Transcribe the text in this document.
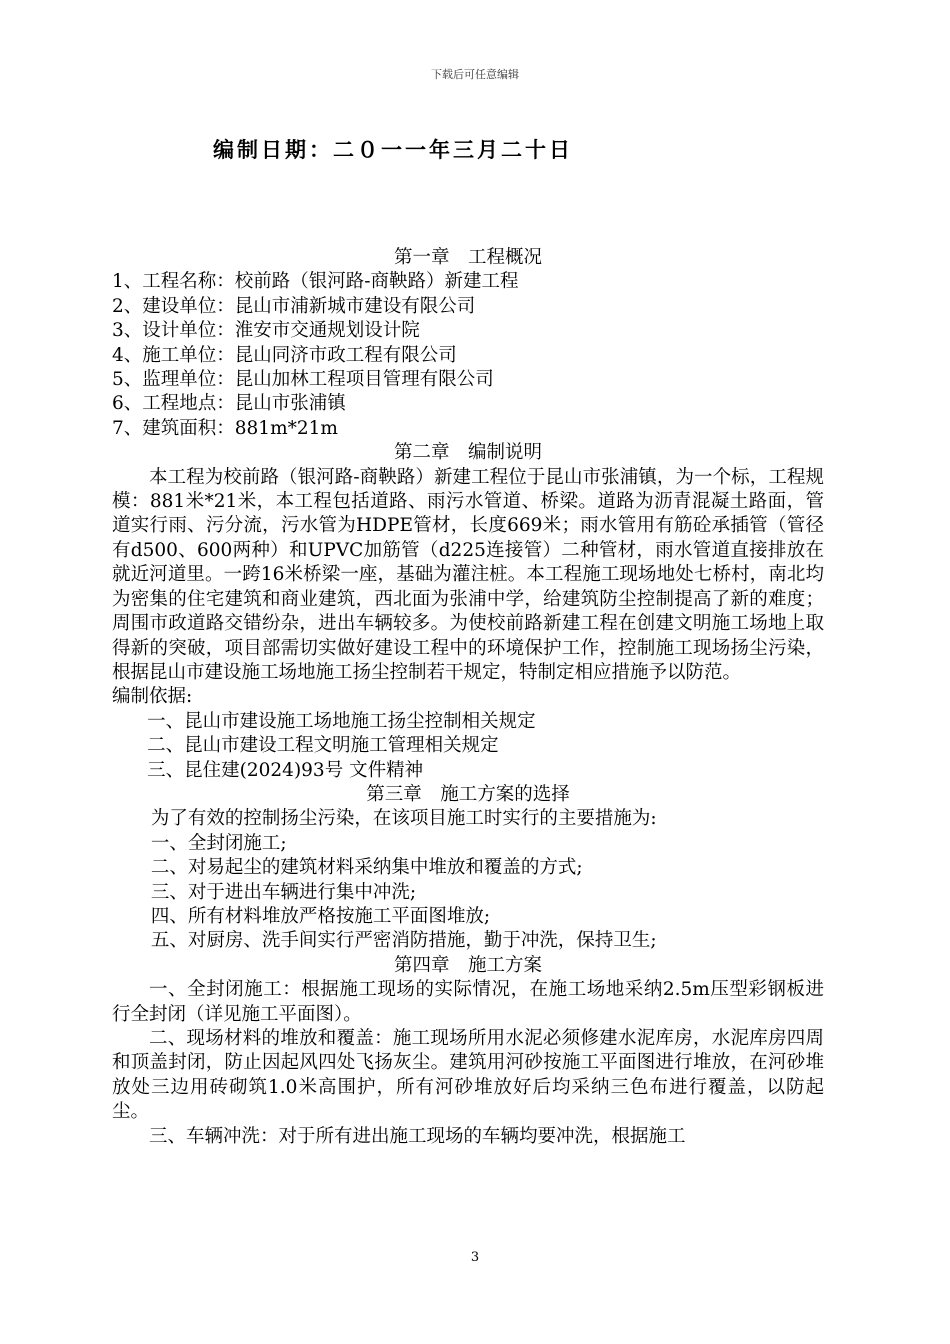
下载后可任意编辑
编制日期：二０一一年三月二十日
第一章　工程概况
1、工程名称：校前路（银河路-商鞅路）新建工程
2、建设单位：昆山市浦新城市建设有限公司
3、设计单位：淮安市交通规划设计院
4、施工单位：昆山同济市政工程有限公司
5、监理单位：昆山加林工程项目管理有限公司
6、工程地点：昆山市张浦镇
7、建筑面积：881m*21m
第二章　编制说明
本工程为校前路（银河路-商鞅路）新建工程位于昆山市张浦镇，为一个标，工程规模：881米*21米，本工程包括道路、雨污水管道、桥梁。道路为沥青混凝土路面，管道实行雨、污分流，污水管为HDPE管材，长度669米；雨水管用有筋砼承插管（管径有d500、600两种）和UPVC加筋管（d225连接管）二种管材，雨水管道直接排放在就近河道里。一跨16米桥梁一座，基础为灌注桩。本工程施工现场地处七桥村，南北均为密集的住宅建筑和商业建筑，西北面为张浦中学，给建筑防尘控制提高了新的难度；周围市政道路交错纷杂，进出车辆较多。为使校前路新建工程在创建文明施工场地上取得新的突破，项目部需切实做好建设工程中的环境保护工作，控制施工现场扬尘污染，根据昆山市建设施工场地施工扬尘控制若干规定，特制定相应措施予以防范。
编制依据:
一、昆山市建设施工场地施工扬尘控制相关规定
二、昆山市建设工程文明施工管理相关规定
三、昆住建(2024)93号 文件精神
第三章　施工方案的选择
为了有效的控制扬尘污染，在该项目施工时实行的主要措施为:
一、全封闭施工;
二、对易起尘的建筑材料采纳集中堆放和覆盖的方式;
三、对于进出车辆进行集中冲洗;
四、所有材料堆放严格按施工平面图堆放;
五、对厨房、洗手间实行严密消防措施，勤于冲洗，保持卫生;
第四章　施工方案
一、全封闭施工：根据施工现场的实际情况，在施工场地采纳2.5m压型彩钢板进行全封闭（详见施工平面图）。
二、现场材料的堆放和覆盖：施工现场所用水泥必须修建水泥库房，水泥库房四周和顶盖封闭，防止因起风四处飞扬灰尘。建筑用河砂按施工平面图进行堆放，在河砂堆放处三边用砖砌筑1.0米高围护，所有河砂堆放好后均采纳三色布进行覆盖，以防起尘。
三、车辆冲洗：对于所有进出施工现场的车辆均要冲洗，根据施工
3
